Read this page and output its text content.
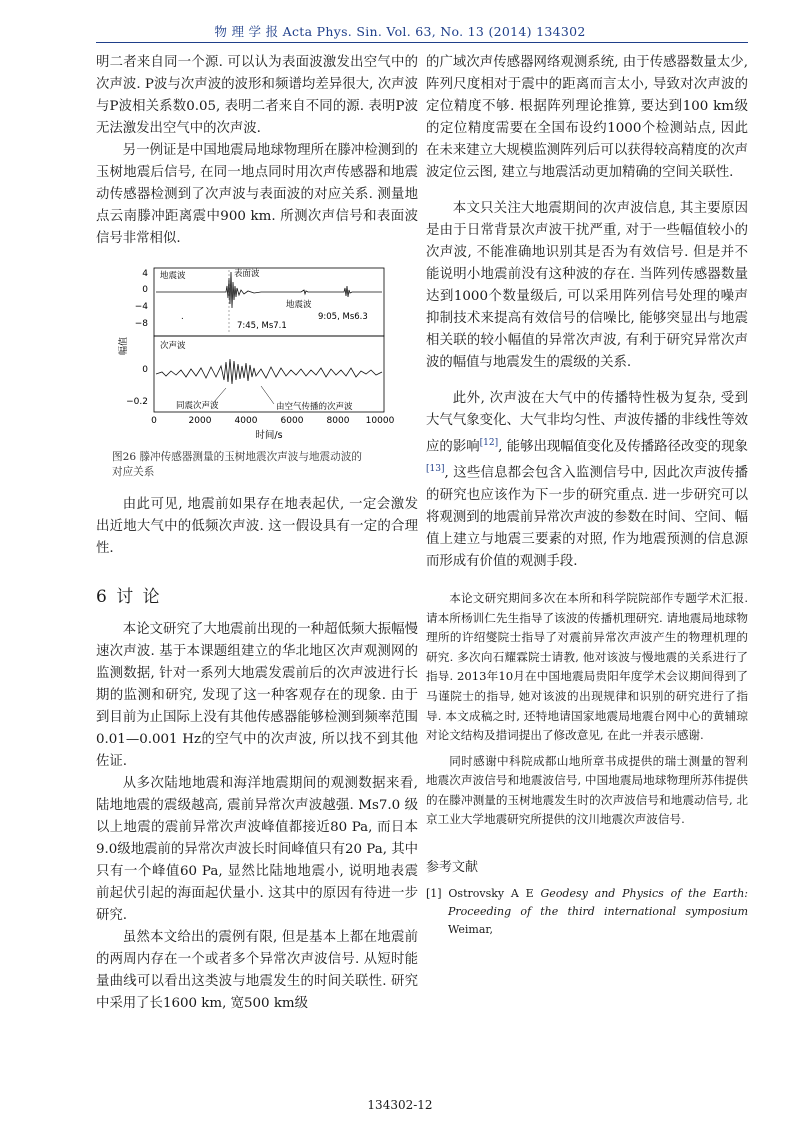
物 理 学 报 Acta Phys. Sin. Vol. 63, No. 13 (2014) 134302

明二者来自同一个源. 可以认为表面波激发出空气中的次声波. P波与次声波的波形和频谱均差异很大, 次声波与P波相关系数0.05, 表明二者来自不同的源. 表明P波无法激发出空气中的次声波.

另一例证是中国地震局地球物理所在滕冲检测到的玉树地震后信号, 在同一地点同时用次声传感器和地震动传感器检测到了次声波与表面波的对应关系. 测量地点云南滕冲距离震中900 km. 所测次声信号和表面波信号非常相似.

4
0
−4
−8
0
−0.2
幅值
0	2000	4000	6000	8000 10000
时间/s
地震波	表面波
地震波
7:45, Ms7.1
9:05, Ms6.3
.
次声波
同震次声波	由空气传播的次声波
图26 滕冲传感器测量的玉树地震次声波与地震动波的
对应关系

由此可见, 地震前如果存在地表起伏, 一定会激发出近地大气中的低频次声波. 这一假设具有一定的合理性.

6 讨 论

本论文研究了大地震前出现的一种超低频大振幅慢速次声波. 基于本课题组建立的华北地区次声观测网的监测数据, 针对一系列大地震发震前后的次声波进行长期的监测和研究, 发现了这一种客观存在的现象. 由于到目前为止国际上没有其他传感器能够检测到频率范围0.01—0.001 Hz的空气中的次声波, 所以找不到其他佐证.

从多次陆地地震和海洋地震期间的观测数据来看, 陆地地震的震级越高, 震前异常次声波越强. Ms7.0 级以上地震的震前异常次声波峰值都接近80 Pa, 而日本9.0级地震前的异常次声波长时间峰值只有20 Pa, 其中只有一个峰值60 Pa, 显然比陆地地震小, 说明地表震前起伏引起的海面起伏量小. 这其中的原因有待进一步研究.

虽然本文给出的震例有限, 但是基本上都在地震前的两周内存在一个或者多个异常次声波信号. 从短时能量曲线可以看出这类波与地震发生的时间关联性. 研究中采用了长1600 km, 宽500 km级

的广域次声传感器网络观测系统, 由于传感器数量太少, 阵列尺度相对于震中的距离而言太小, 导致对次声波的定位精度不够. 根据阵列理论推算, 要达到100 km级的定位精度需要在全国布设约1000个检测站点, 因此在未来建立大规模监测阵列后可以获得较高精度的次声波定位云图, 建立与地震活动更加精确的空间关联性.

本文只关注大地震期间的次声波信息, 其主要原因是由于日常背景次声波干扰严重, 对于一些幅值较小的次声波, 不能准确地识别其是否为有效信号. 但是并不能说明小地震前没有这种波的存在. 当阵列传感器数量达到1000个数量级后, 可以采用阵列信号处理的噪声抑制技术来提高有效信号的信噪比, 能够突显出与地震相关联的较小幅值的异常次声波, 有利于研究异常次声波的幅值与地震发生的震级的关系.

此外, 次声波在大气中的传播特性极为复杂, 受到大气气象变化、大气非均匀性、声波传播的非线性等效应的影响[12], 能够出现幅值变化及传播路径改变的现象[13], 这些信息都会包含入监测信号中, 因此次声波传播的研究也应该作为下一步的研究重点. 进一步研究可以将观测到的地震前异常次声波的参数在时间、空间、幅值上建立与地震三要素的对照, 作为地震预测的信息源而形成有价值的观测手段.

本论文研究期间多次在本所和科学院院部作专题学术汇报. 请本所杨训仁先生指导了该波的传播机理研究. 请地震局地球物理所的许绍燮院士指导了对震前异常次声波产生的物理机理的研究. 多次向石耀霖院士请教, 他对该波与慢地震的关系进行了指导. 2013年10月在中国地震局贵阳年度学术会议期间得到了马谨院士的指导, 她对该波的出现规律和识别的研究进行了指导. 本文成稿之时, 还特地请国家地震局地震台网中心的黄辅琼对论文结构及措词提出了修改意见, 在此一并表示感谢.

同时感谢中科院成都山地所章书成提供的瑞士测量的智利地震次声波信号和地震波信号, 中国地震局地球物理所苏伟提供的在滕冲测量的玉树地震发生时的次声波信号和地震动信号, 北京工业大学地震研究所提供的汶川地震次声波信号.

参考文献
[1] Ostrovsky A E Geodesy and Physics of the Earth: Proceeding of the third international symposium Weimar,
134302-12
